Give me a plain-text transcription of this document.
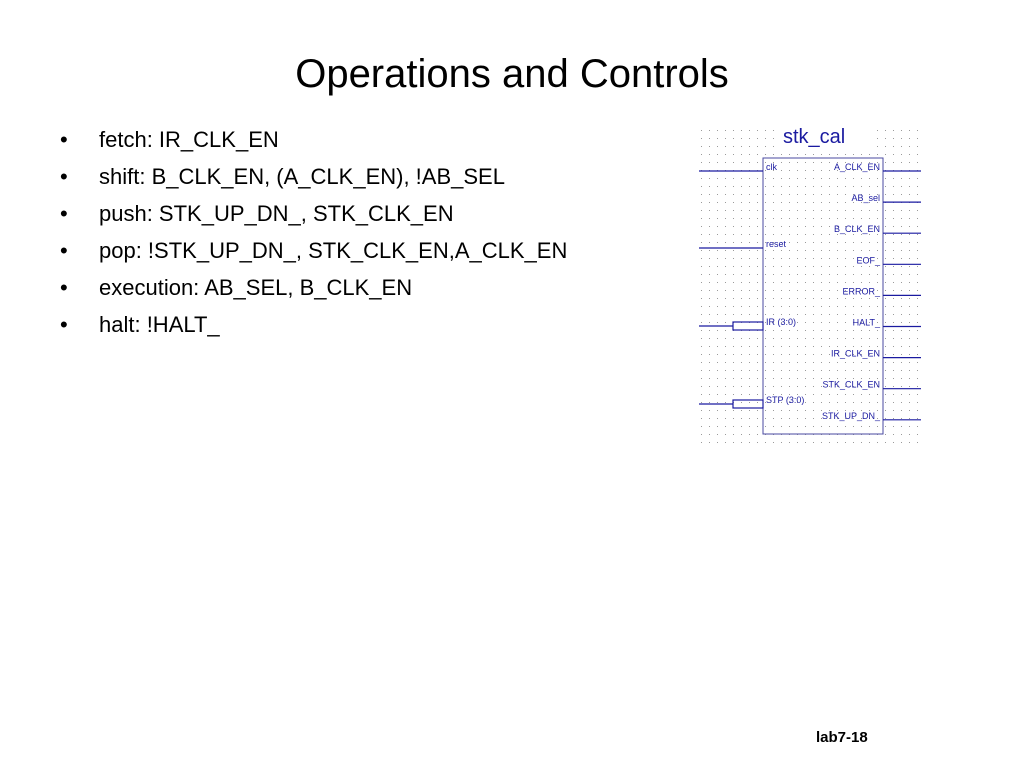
Operations and Controls
• fetch: IR_CLK_EN
• shift: B_CLK_EN, (A_CLK_EN), !AB_SEL
• push: STK_UP_DN_, STK_CLK_EN
• pop: !STK_UP_DN_, STK_CLK_EN,A_CLK_EN
• execution: AB_SEL, B_CLK_EN
• halt: !HALT_
stk_cal
clk
reset
IR (3:0)
STP (3:0)
A_CLK_EN
AB_sel
B_CLK_EN
EOF_
ERROR_
HALT_
IR_CLK_EN
STK_CLK_EN
STK_UP_DN_
lab7-18
